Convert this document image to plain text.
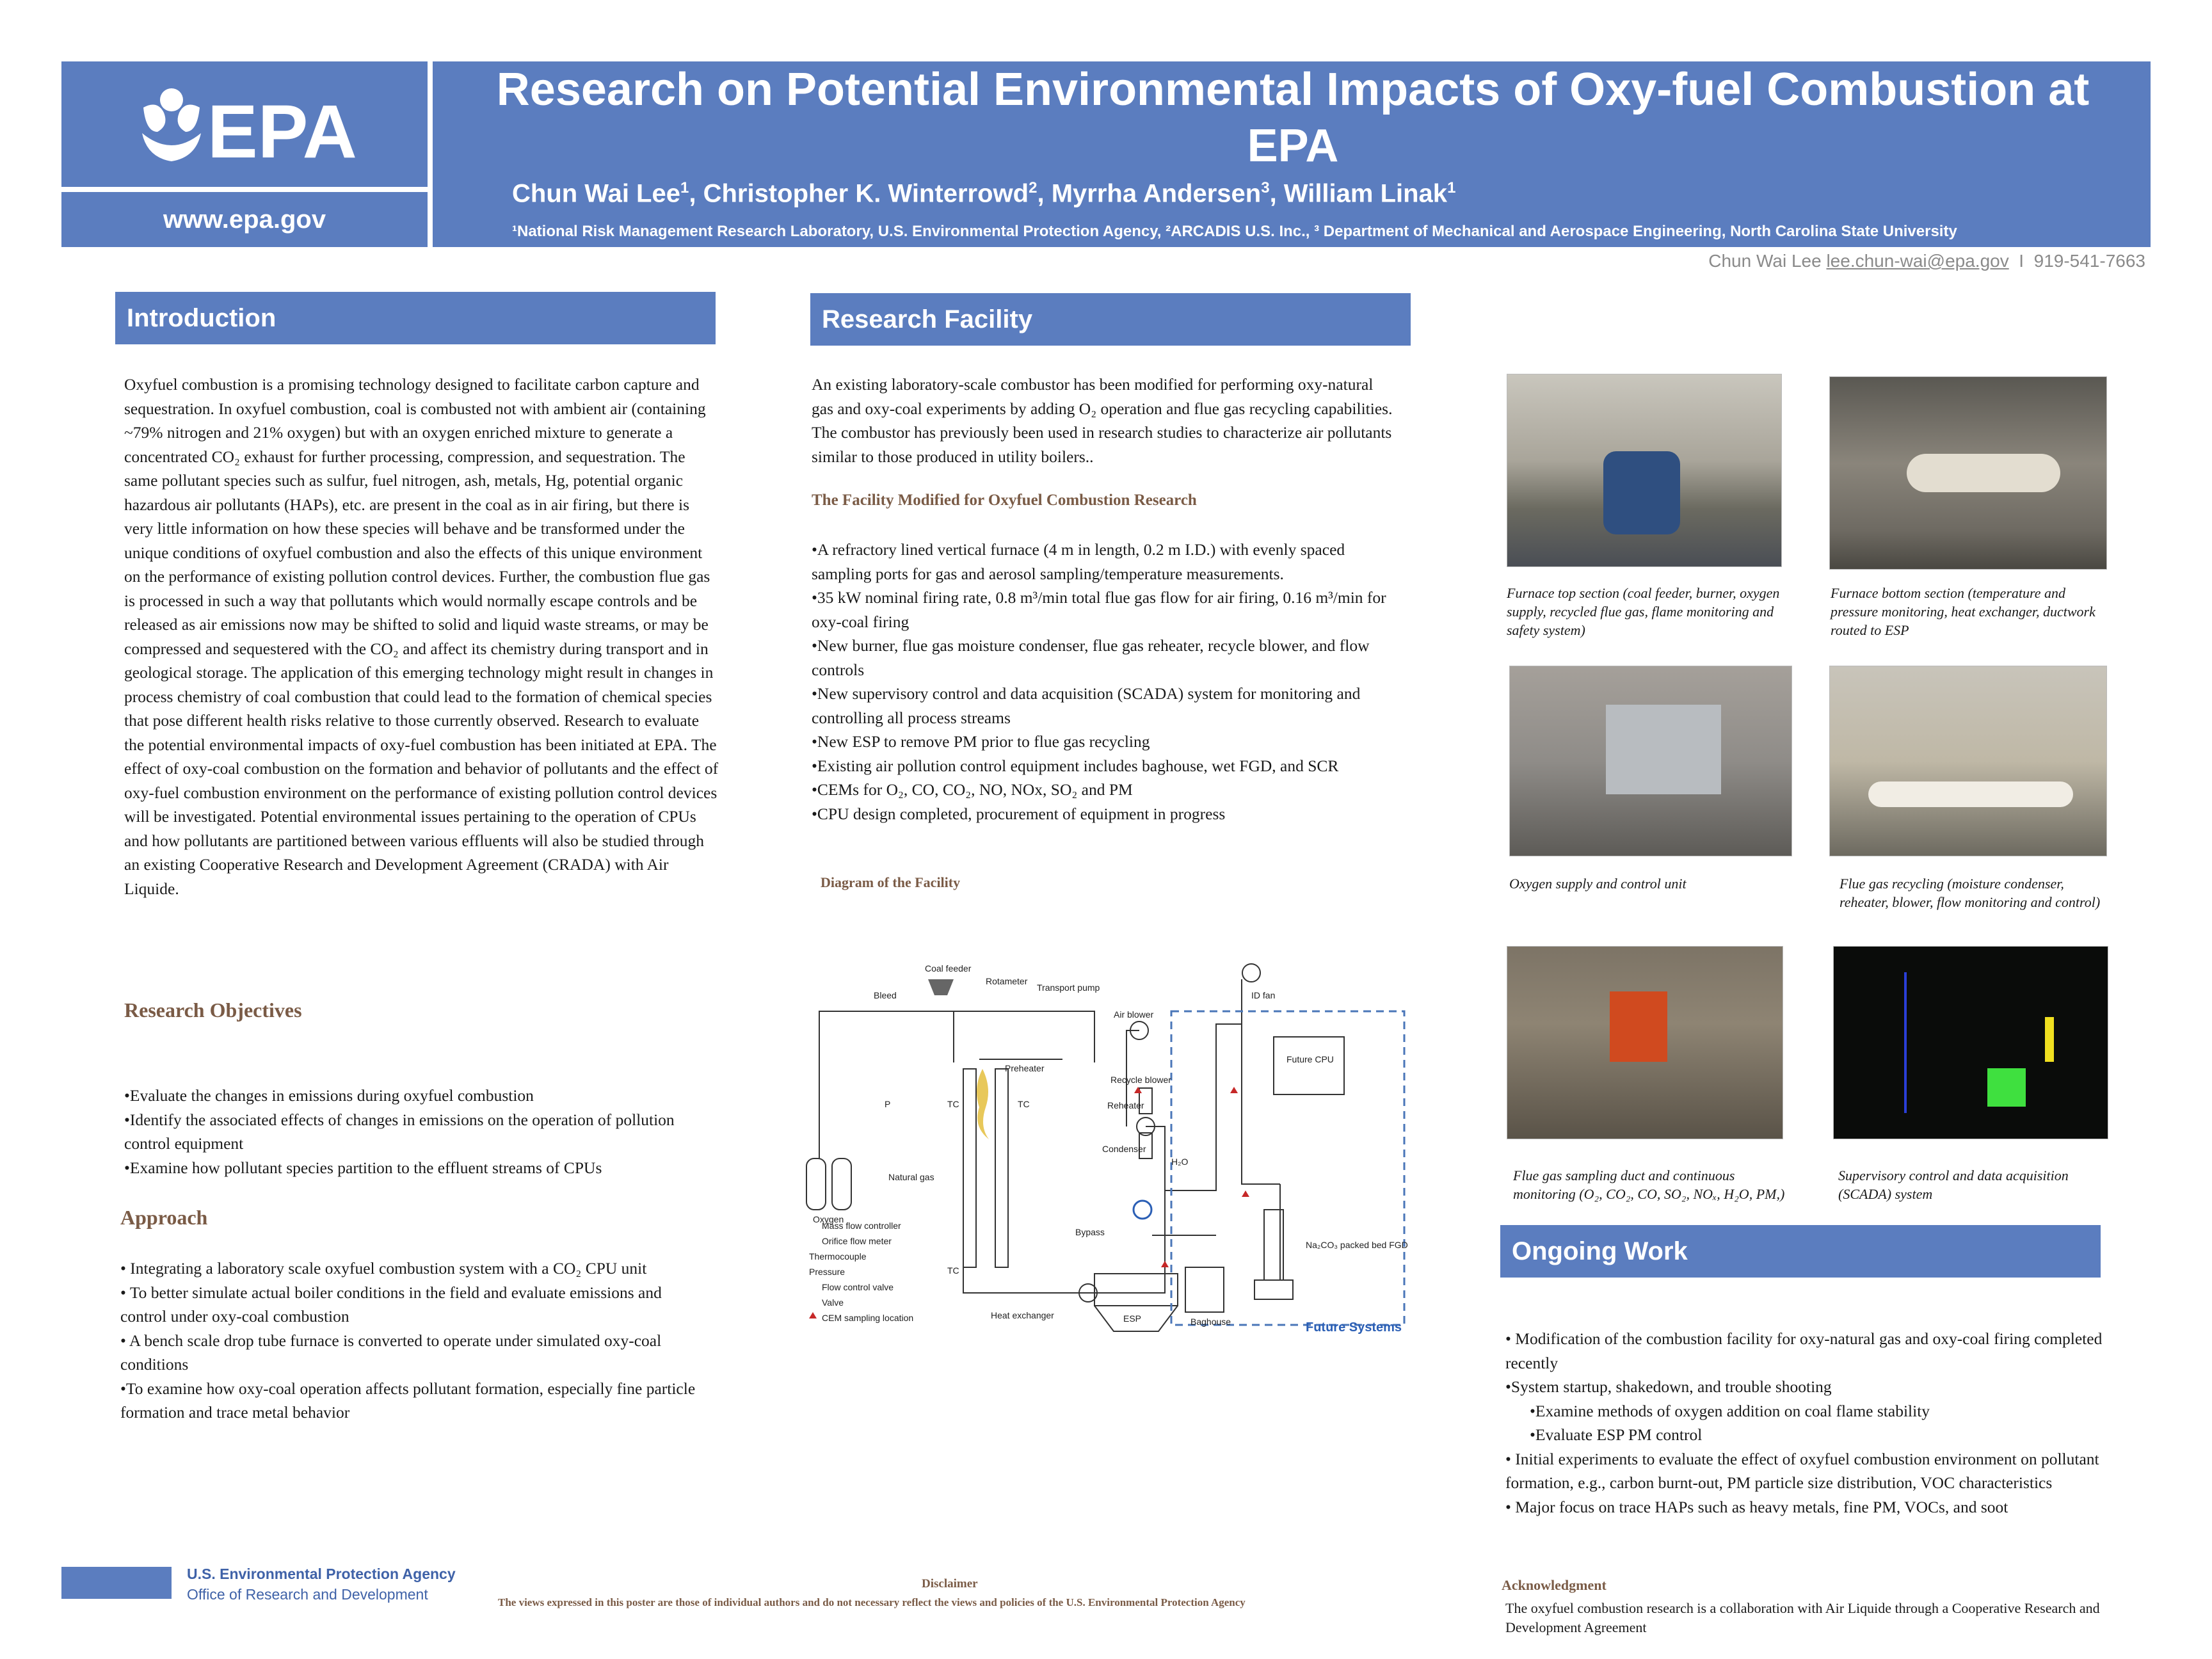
EPA
www.epa.gov
Research on Potential Environmental Impacts of Oxy-fuel Combustion at EPA
Chun Wai Lee$^1$, Christopher K. Winterrowd$^2$, Myrrha Andersen$^3$, William Linak$^1$
¹National Risk Management Research Laboratory, U.S. Environmental Protection Agency, ²ARCADIS U.S. Inc., ³ Department of Mechanical and Aerospace Engineering, North Carolina State University
Chun Wai Lee lee.chun-wai@epa.gov I 919-541-7663
Introduction
Oxyfuel combustion is a promising technology designed to facilitate carbon capture and sequestration. In oxyfuel combustion, coal is combusted not with ambient air (containing ~79% nitrogen and 21% oxygen) but with an oxygen enriched mixture to generate a concentrated CO₂ exhaust for further processing, compression, and sequestration. The same pollutant species such as sulfur, fuel nitrogen, ash, metals, Hg, potential organic hazardous air pollutants (HAPs), etc. are present in the coal as in air firing, but there is very little information on how these species will behave and be transformed under the unique conditions of oxyfuel combustion and also the effects of this unique environment on the performance of existing pollution control devices. Further, the combustion flue gas is processed in such a way that pollutants which would normally escape controls and be released as air emissions now may be shifted to solid and liquid waste streams, or may be compressed and sequestered with the CO₂ and affect its chemistry during transport and in geological storage. The application of this emerging technology might result in changes in process chemistry of coal combustion that could lead to the formation of chemical species that pose different health risks relative to those currently observed. Research to evaluate the potential environmental impacts of oxy-fuel combustion has been initiated at EPA. The effect of oxy-coal combustion on the formation and behavior of pollutants and the effect of oxy-fuel combustion environment on the performance of existing pollution control devices will be investigated. Potential environmental issues pertaining to the operation of CPUs and how pollutants are partitioned between various effluents will also be studied through an existing Cooperative Research and Development Agreement (CRADA) with Air Liquide.
Research Objectives
•Evaluate the changes in emissions during oxyfuel combustion
•Identify the associated effects of changes in emissions on the operation of pollution control equipment
•Examine how pollutant species partition to the effluent streams of CPUs
Approach
• Integrating a laboratory scale oxyfuel combustion system with a CO₂ CPU unit
• To better simulate actual boiler conditions in the field and evaluate emissions and control under oxy-coal combustion
• A bench scale drop tube furnace is converted to operate under simulated oxy-coal conditions
•To examine how oxy-coal operation affects pollutant formation, especially fine particle formation and trace metal behavior
Research Facility
An existing laboratory-scale combustor has been modified for performing oxy-natural gas and oxy-coal experiments by adding O₂ operation and flue gas recycling capabilities. The combustor has previously been used in research studies to characterize air pollutants similar to those produced in utility boilers..
The Facility Modified for Oxyfuel Combustion Research
•A refractory lined vertical furnace (4 m in length, 0.2 m I.D.) with evenly spaced sampling ports for gas and aerosol sampling/temperature measurements.
•35 kW nominal firing rate, 0.8 m³/min total flue gas flow for air firing, 0.16 m³/min for oxy-coal firing
•New burner, flue gas moisture condenser, flue gas reheater, recycle blower, and flow controls
•New supervisory control and data acquisition (SCADA) system for monitoring and controlling all process streams
•New ESP to remove PM prior to flue gas recycling
•Existing air pollution control equipment includes baghouse, wet FGD, and SCR
•CEMs for O₂, CO, CO₂, NO, NOx, SO₂ and PM
•CPU design completed, procurement of equipment in progress
Diagram of the Facility
Coal feeder
Rotameter
Transport pump
Bleed
Air blower
Preheater
Recycle blower
Reheater
Condenser
H₂O
ID fan
Future CPU
Oxygen
Natural gas
Bypass
Heat exchanger	ESP	Baghouse
Na₂CO₃ packed bed FGD
TC	TC
TC
P
Future Systems
Mass flow controller
Orifice flow meter
Thermocouple
Pressure
Flow control valve
Valve
CEM sampling location
Furnace top section (coal feeder, burner, oxygen supply, recycled flue gas, flame monitoring and safety system)
Furnace bottom section (temperature and pressure monitoring, heat exchanger, ductwork routed to ESP
Oxygen supply and control unit	Flue gas recycling (moisture condenser, reheater, blower, flow monitoring and control)
Flue gas sampling duct and continuous monitoring (O₂, CO₂, CO, SO₂, NOₓ, H₂O, PM,)
Supervisory control and data acquisition (SCADA) system
Ongoing Work
• Modification of the combustion facility for oxy-natural gas and oxy-coal firing completed recently
•System startup, shakedown, and trouble shooting
•Examine methods of oxygen addition on coal flame stability
•Evaluate ESP PM control
• Initial experiments to evaluate the effect of oxyfuel combustion environment on pollutant formation, e.g., carbon burnt-out, PM particle size distribution, VOC characteristics
• Major focus on trace HAPs such as heavy metals, fine PM, VOCs, and soot
U.S. Environmental Protection Agency
Office of Research and Development
Disclaimer
The views expressed in this poster are those of individual authors and do not necessary reflect the views and policies of the U.S. Environmental Protection Agency
Acknowledgment
The oxyfuel combustion research is a collaboration with Air Liquide through a Cooperative Research and Development Agreement
